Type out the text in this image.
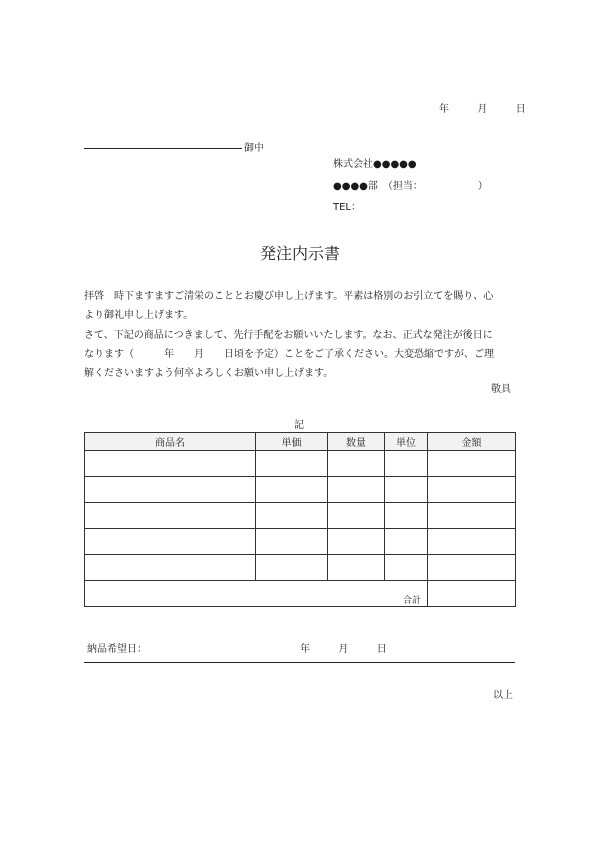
年	月	日
御中
株式会社●●●●●
●●●●部　（担当：　　　　　　）
TEL：
発注内示書

拝啓　時下ますますご清栄のこととお慶び申し上げます。平素は格別のお引立てを賜り、心

より御礼申し上げます。

さて、下記の商品につきまして、先行手配をお願いいたします。なお、正式な発注が後日に

なります（　　　年　　月　　日頃を予定）ことをご了承ください。大変恐縮ですが、ご理

解くださいますよう何卒よろしくお願い申し上げます。

敬具
記
商品名	単価	数量	単位	金額

合計				
納品希望日：	年	月	日
以上
